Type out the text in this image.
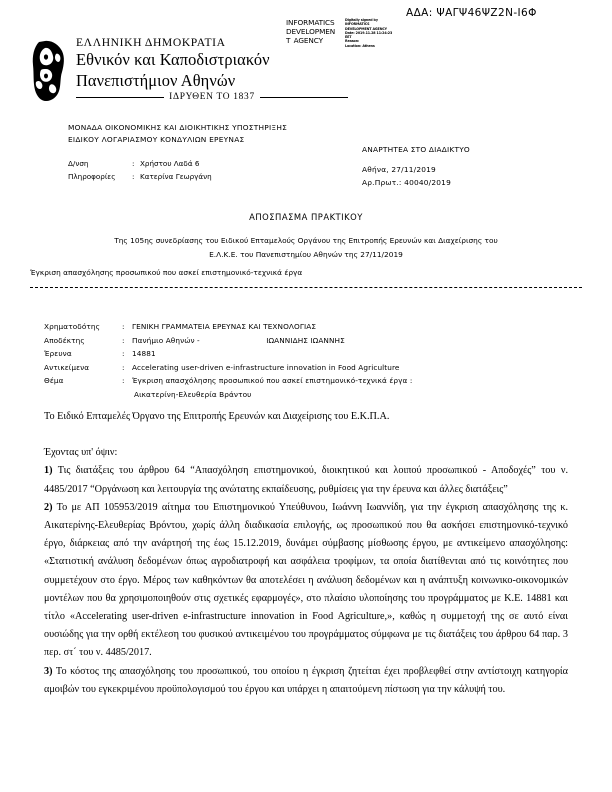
ΑΔΑ: ΨΑΓΨ46ΨΖ2Ν-Ι6Φ
INFORMATICS
DEVELOPMEN
T AGENCY
Digitally signed by
INFORMATICS
DEVELOPMENT AGENCY
Date: 2019.11.28 11:24:23
EET
Reason:
Location: Athens
ΕΛΛΗΝΙΚΗ ΔΗΜΟΚΡΑΤΙΑ
Εθνικόν και Καποδιστριακόν
Πανεπιστήμιον Αθηνών
ΙΔΡΥΘΕΝ ΤΟ 1837
ΜΟΝΑΔΑ ΟΙΚΟΝΟΜΙΚΗΣ ΚΑΙ ΔΙΟΙΚΗΤΙΚΗΣ ΥΠΟΣΤΗΡΙΞΗΣ
ΕΙΔΙΚΟΥ ΛΟΓΑΡΙΑΣΜΟΥ ΚΟΝΔΥΛΙΩΝ ΕΡΕΥΝΑΣ
Δ/νση	: Χρήστου Λαδά 6
Πληροφορίες	: Κατερίνα Γεωργάνη
ΑΝΑΡΤΗΤΕΑ ΣΤΟ ΔΙΑΔΙΚΤΥΟ
Αθήνα, 27/11/2019
Αρ.Πρωτ.: 40040/2019
ΑΠΟΣΠΑΣΜΑ ΠΡΑΚΤΙΚΟΥ
Της 105ης συνεδρίασης του Ειδικού Επταμελούς Οργάνου της Επιτροπής Ερευνών και Διαχείρισης του
Ε.Λ.Κ.Ε. του Πανεπιστημίου Αθηνών της 27/11/2019
Έγκριση απασχόλησης προσωπικού που ασκεί επιστημονικό-τεχνικά έργα
Χρηματοδότης	:	ΓΕΝΙΚΗ ΓΡΑΜΜΑΤΕΙΑ ΕΡΕΥΝΑΣ ΚΑΙ ΤΕΧΝΟΛΟΓΙΑΣ
Αποδέκτης	:	Πανήμιο Αθηνών -	ΙΩΑΝΝΙΔΗΣ ΙΩΑΝΝΗΣ
Έρευνα	:	14881
Αντικείμενα	:	Accelerating user-driven e-infrastructure innovation in Food Agriculture
Θέμα	:	Έγκριση απασχόλησης προσωπικού που ασκεί επιστημονικό-τεχνικά έργα :
Αικατερίνη-Ελευθερία Βράντου

Το Ειδικό Επταμελές Όργανο της Επιτροπής Ερευνών και Διαχείρισης του Ε.Κ.Π.Α.

Έχοντας υπ' όψιν:

1) Τις διατάξεις του άρθρου 64 “Απασχόληση επιστημονικού, διοικητικού και λοιπού προσωπικού - Αποδοχές” του ν. 4485/2017 “Οργάνωση και λειτουργία της ανώτατης εκπαίδευσης, ρυθμίσεις για την έρευνα και άλλες διατάξεις”

2) Το με ΑΠ 105953/2019 αίτημα του Επιστημονικού Υπεύθυνου, Ιωάννη Ιωαννίδη, για την έγκριση απασχόλησης της κ. Αικατερίνης-Ελευθερίας Βρόντου, χωρίς άλλη διαδικασία επιλογής, ως προσωπικού που θα ασκήσει επιστημονικό-τεχνικό έργο, διάρκειας από την ανάρτησή της έως 15.12.2019, δυνάμει σύμβασης μίσθωσης έργου, με αντικείμενο απασχόλησης: «Στατιστική ανάλυση δεδομένων όπως αγροδιατροφή και ασφάλεια τροφίμων, τα οποία διατίθενται από τις κοινότητες που συμμετέχουν στο έργο. Μέρος των καθηκόντων θα αποτελέσει η ανάλυση δεδομένων και η ανάπτυξη κοινωνικο-οικονομικών μοντέλων που θα χρησιμοποιηθούν στις σχετικές εφαρμογές», στο πλαίσιο υλοποίησης του προγράμματος με Κ.Ε. 14881 και τίτλο «Accelerating user-driven e-infrastructure innovation in Food Agriculture,», καθώς η συμμετοχή της σε αυτό είναι ουσιώδης για την ορθή εκτέλεση του φυσικού αντικειμένου του προγράμματος σύμφωνα με τις διατάξεις του άρθρου 64 παρ. 3 περ. στ´ του ν. 4485/2017.

3) Το κόστος της απασχόλησης του προσωπικού, του οποίου η έγκριση ζητείται έχει προβλεφθεί στην αντίστοιχη κατηγορία αμοιβών του εγκεκριμένου προϋπολογισμού του έργου και υπάρχει η απαιτούμενη πίστωση για την κάλυψή του.
